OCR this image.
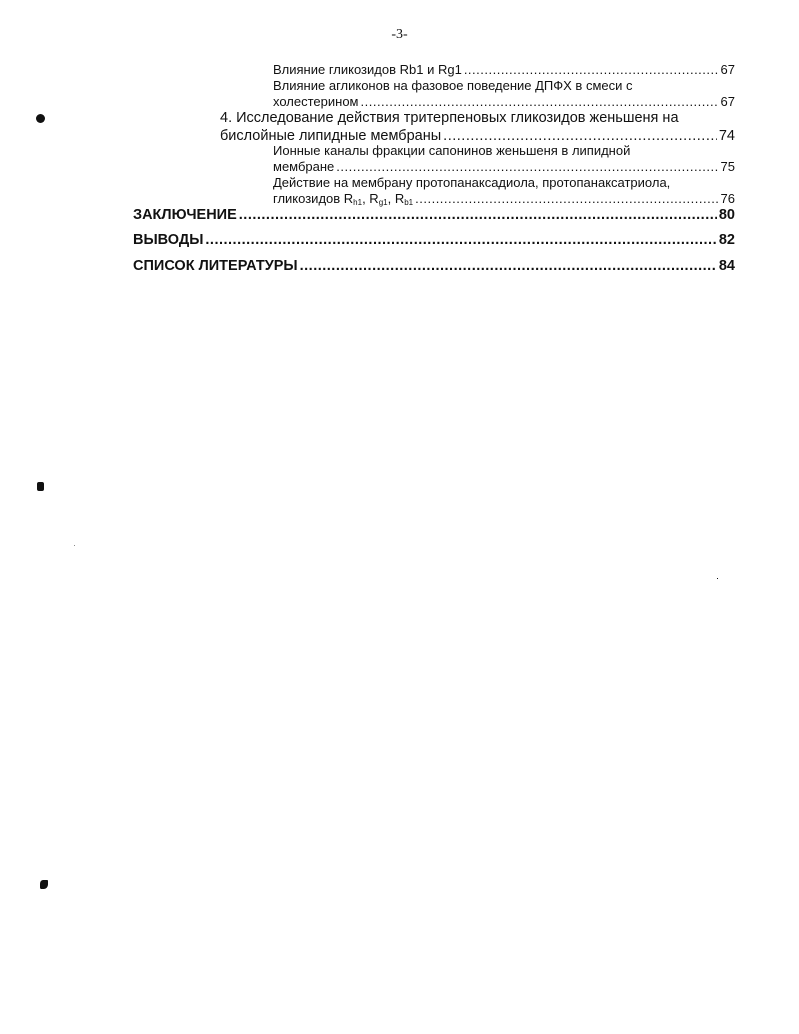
-3-
Влияние гликозидов Rb1 и Rg1 .....	67
Влияние агликонов на фазовое поведение ДПФХ в смеси с
холестерином .....	67
4. Исследование действия тритерпеновых гликозидов женьшеня на
бислойные липидные мембраны .....	74
Ионные каналы фракции сапонинов женьшеня в липидной
мембране .....	75
Действие на мембрану протопанаксадиола, протопанаксатриола,
гликозидов $R_{h1}$, $R_{g1}$, $R_{b1}$ .....	76
ЗАКЛЮЧЕНИЕ .....	80
ВЫВОДЫ .....	82
СПИСОК ЛИТЕРАТУРЫ .....	84
